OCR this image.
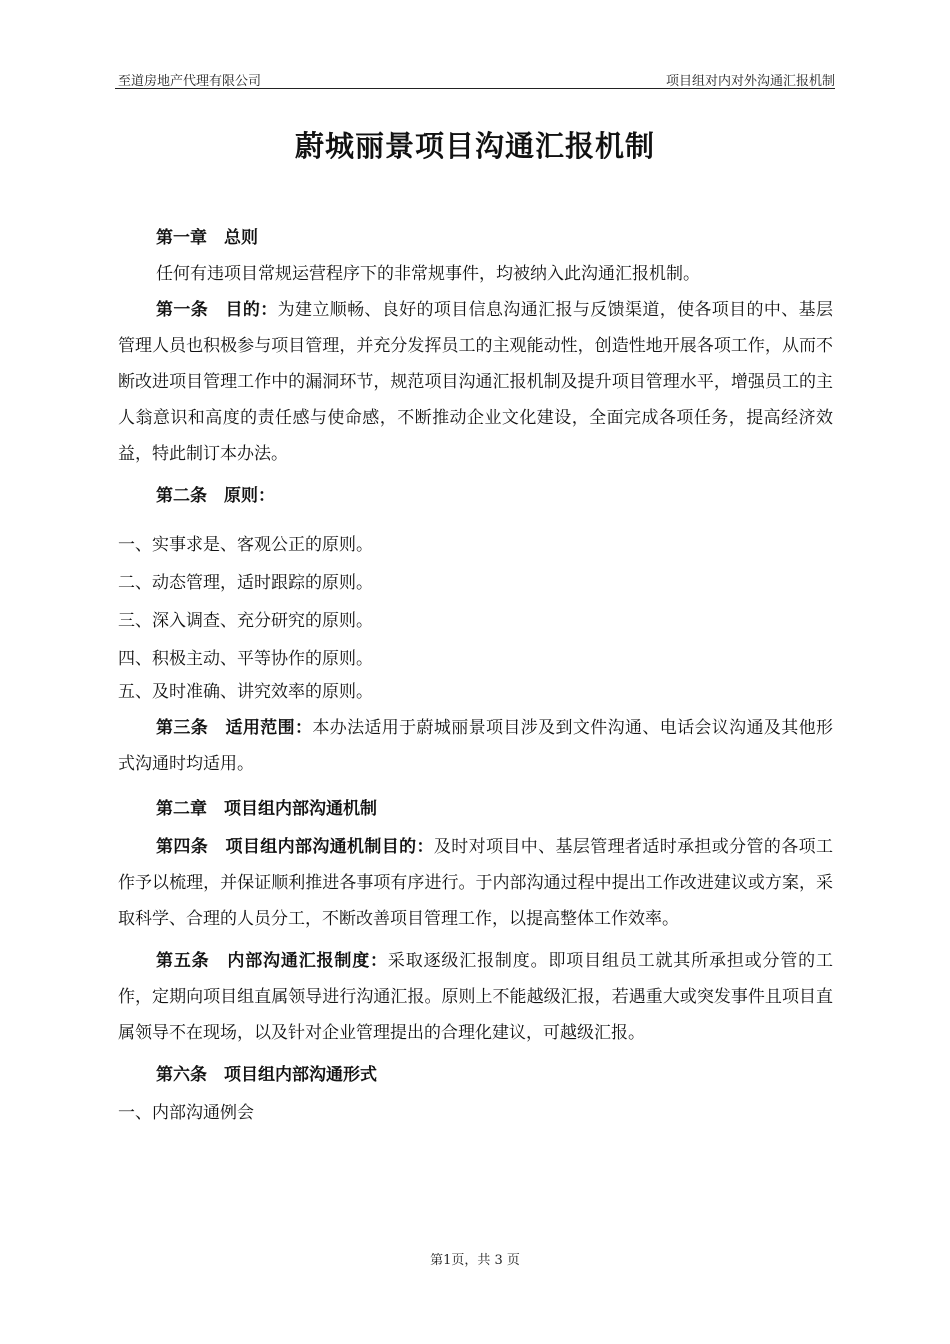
至道房地产代理有限公司	项目组对内对外沟通汇报机制
蔚城丽景项目沟通汇报机制

第一章　总则

任何有违项目常规运营程序下的非常规事件，均被纳入此沟通汇报机制。

第一条　目的：为建立顺畅、良好的项目信息沟通汇报与反馈渠道，使各项目的中、基层管理人员也积极参与项目管理，并充分发挥员工的主观能动性，创造性地开展各项工作，从而不断改进项目管理工作中的漏洞环节，规范项目沟通汇报机制及提升项目管理水平，增强员工的主人翁意识和高度的责任感与使命感，不断推动企业文化建设，全面完成各项任务，提高经济效益，特此制订本办法。

第二条　原则：

一、实事求是、客观公正的原则。

二、动态管理，适时跟踪的原则。

三、深入调查、充分研究的原则。

四、积极主动、平等协作的原则。

五、及时准确、讲究效率的原则。

第三条　适用范围：本办法适用于蔚城丽景项目涉及到文件沟通、电话会议沟通及其他形式沟通时均适用。

第二章　项目组内部沟通机制

第四条　项目组内部沟通机制目的：及时对项目中、基层管理者适时承担或分管的各项工作予以梳理，并保证顺利推进各事项有序进行。于内部沟通过程中提出工作改进建议或方案，采取科学、合理的人员分工，不断改善项目管理工作，以提高整体工作效率。

第五条　内部沟通汇报制度：采取逐级汇报制度。即项目组员工就其所承担或分管的工作，定期向项目组直属领导进行沟通汇报。原则上不能越级汇报，若遇重大或突发事件且项目直属领导不在现场，以及针对企业管理提出的合理化建议，可越级汇报。

第六条　项目组内部沟通形式

一、内部沟通例会

第1页，共 3 页
